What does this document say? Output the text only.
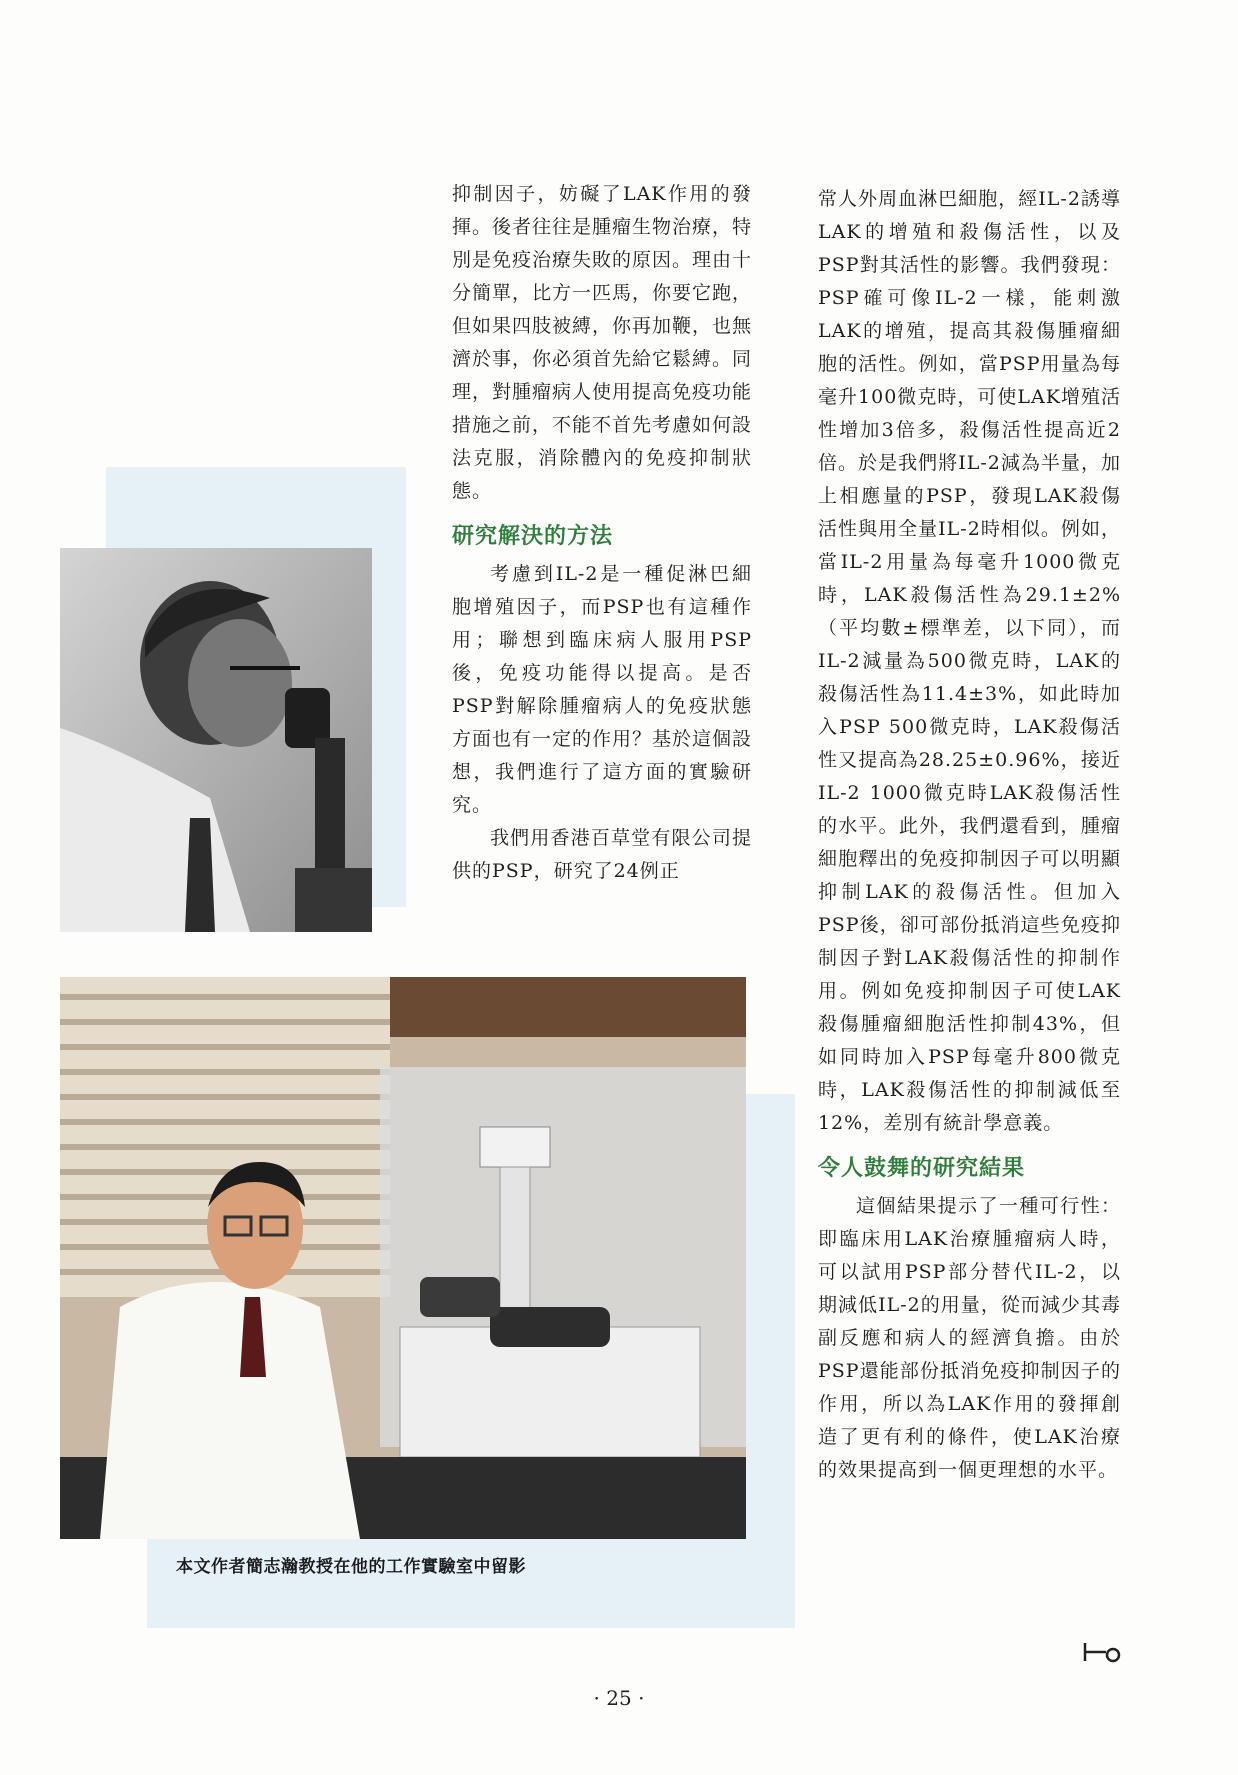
本文作者簡志瀚教授在他的工作實驗室中留影

抑制因子，妨礙了LAK作用的發揮。後者往往是腫瘤生物治療，特別是免疫治療失敗的原因。理由十分簡單，比方一匹馬，你要它跑，但如果四肢被縛，你再加鞭，也無濟於事，你必須首先給它鬆縛。同理，對腫瘤病人使用提高免疫功能措施之前，不能不首先考慮如何設法克服，消除體內的免疫抑制狀態。

研究解決的方法

考慮到IL-2是一種促淋巴細胞增殖因子，而PSP也有這種作用；聯想到臨床病人服用PSP後，免疫功能得以提高。是否PSP對解除腫瘤病人的免疫狀態方面也有一定的作用？基於這個設想，我們進行了這方面的實驗研究。

我們用香港百草堂有限公司提供的PSP，研究了24例正

常人外周血淋巴細胞，經IL-2誘導LAK的增殖和殺傷活性，以及PSP對其活性的影響。我們發現：PSP確可像IL-2一樣，能刺激LAK的增殖，提高其殺傷腫瘤細胞的活性。例如，當PSP用量為每毫升100微克時，可使LAK增殖活性增加3倍多，殺傷活性提高近2倍。於是我們將IL-2減為半量，加上相應量的PSP，發現LAK殺傷活性與用全量IL-2時相似。例如，當IL-2用量為每毫升1000微克時，LAK殺傷活性為29.1±2%（平均數±標準差，以下同），而IL-2減量為500微克時，LAK的殺傷活性為11.4±3%，如此時加入PSP 500微克時，LAK殺傷活性又提高為28.25±0.96%，接近IL-2 1000微克時LAK殺傷活性的水平。此外，我們還看到，腫瘤細胞釋出的免疫抑制因子可以明顯抑制LAK的殺傷活性。但加入PSP後，卻可部份抵消這些免疫抑制因子對LAK殺傷活性的抑制作用。例如免疫抑制因子可使LAK殺傷腫瘤細胞活性抑制43%，但如同時加入PSP每毫升800微克時，LAK殺傷活性的抑制減低至12%，差別有統計學意義。

令人鼓舞的研究結果

這個結果提示了一種可行性：即臨床用LAK治療腫瘤病人時，可以試用PSP部分替代IL-2，以期減低IL-2的用量，從而減少其毒副反應和病人的經濟負擔。由於PSP還能部份抵消免疫抑制因子的作用，所以為LAK作用的發揮創造了更有利的條件，使LAK治療的效果提高到一個更理想的水平。

· 25 ·
